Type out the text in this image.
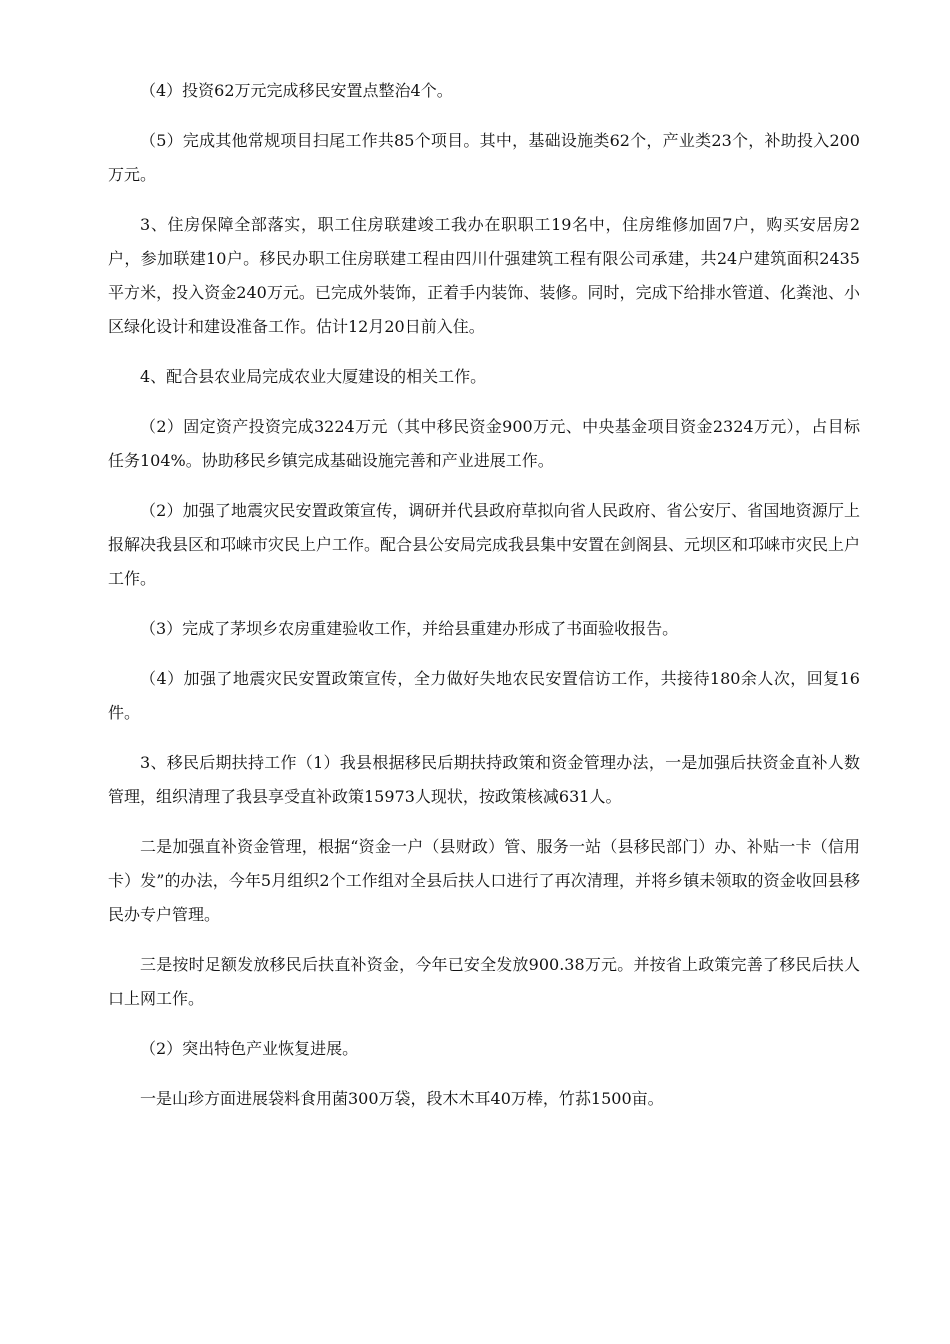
（4）投资62万元完成移民安置点整治4个。

（5）完成其他常规项目扫尾工作共85个项目。其中，基础设施类62个，产业类23个，补助投入200万元。

3、住房保障全部落实，职工住房联建竣工我办在职职工19名中，住房维修加固7户，购买安居房2户，参加联建10户。移民办职工住房联建工程由四川什强建筑工程有限公司承建，共24户建筑面积2435平方米，投入资金240万元。已完成外装饰，正着手内装饰、装修。同时，完成下给排水管道、化粪池、小区绿化设计和建设准备工作。估计12月20日前入住。

4、配合县农业局完成农业大厦建设的相关工作。

（2）固定资产投资完成3224万元（其中移民资金900万元、中央基金项目资金2324万元），占目标任务104%。协助移民乡镇完成基础设施完善和产业进展工作。

（2）加强了地震灾民安置政策宣传，调研并代县政府草拟向省人民政府、省公安厅、省国地资源厅上报解决我县区和邛崃市灾民上户工作。配合县公安局完成我县集中安置在剑阁县、元坝区和邛崃市灾民上户工作。

（3）完成了茅坝乡农房重建验收工作，并给县重建办形成了书面验收报告。

（4）加强了地震灾民安置政策宣传，全力做好失地农民安置信访工作，共接待180余人次，回复16件。

3、移民后期扶持工作（1）我县根据移民后期扶持政策和资金管理办法，一是加强后扶资金直补人数管理，组织清理了我县享受直补政策15973人现状，按政策核减631人。

二是加强直补资金管理，根据“资金一户（县财政）管、服务一站（县移民部门）办、补贴一卡（信用卡）发”的办法，今年5月组织2个工作组对全县后扶人口进行了再次清理，并将乡镇未领取的资金收回县移民办专户管理。

三是按时足额发放移民后扶直补资金，今年已安全发放900.38万元。并按省上政策完善了移民后扶人口上网工作。

（2）突出特色产业恢复进展。

一是山珍方面进展袋料食用菌300万袋，段木木耳40万棒，竹荪1500亩。
